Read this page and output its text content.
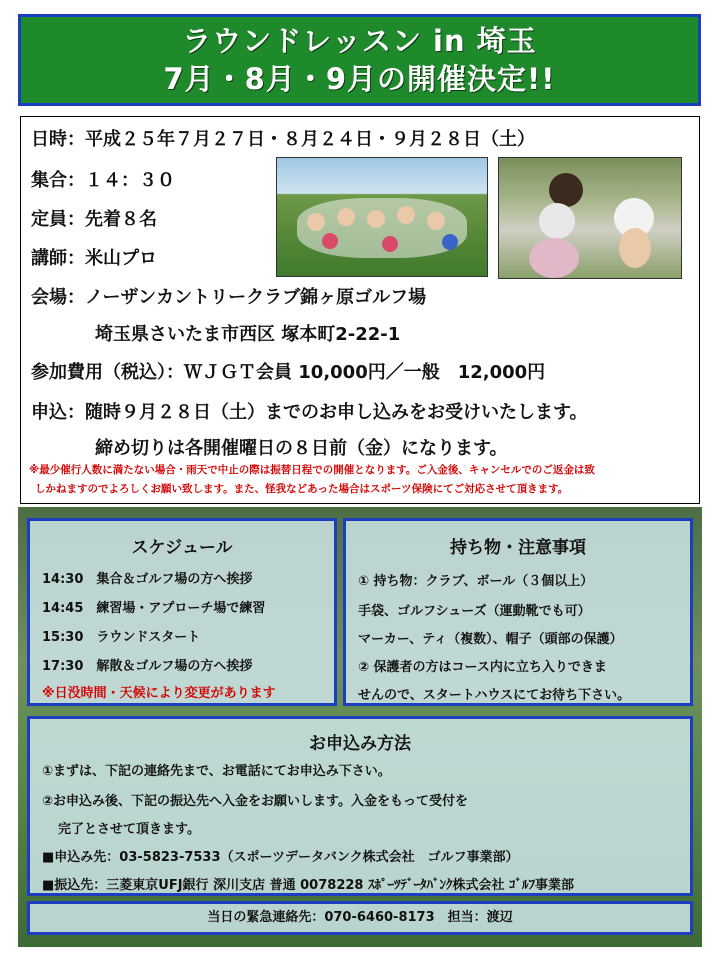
ラウンドレッスン in 埼玉
7月・8月・9月の開催決定!!
日時：平成２５年７月２７日・８月２４日・９月２８日（土）
集合：１４：３０
定員：先着８名
講師：米山プロ
会場：ノーザンカントリークラブ錦ヶ原ゴルフ場
埼玉県さいたま市西区 塚本町2-22-1
参加費用（税込）：ＷＪＧＴ会員 10,000円／一般　12,000円
申込：随時９月２８日（土）までのお申し込みをお受けいたします。
締め切りは各開催曜日の８日前（金）になります。
※最少催行人数に満たない場合・雨天で中止の際は振替日程での開催となります。ご入金後、キャンセルでのご返金は致
しかねますのでよろしくお願い致します。また、怪我などあった場合はスポーツ保険にてご対応させて頂きます。
スケジュール
14:30　 集合＆ゴルフ場の方へ挨拶
14:45　 練習場・アプローチ場で練習
15:30　 ラウンドスタート
17:30　 解散＆ゴルフ場の方へ挨拶
※日没時間・天候により変更があります
持ち物・注意事項
① 持ち物：クラブ、ボール（３個以上）
手袋、ゴルフシューズ（運動靴でも可）
マーカー、ティ（複数）、帽子（頭部の保護）
② 保護者の方はコース内に立ち入りできま
せんので、スタートハウスにてお待ち下さい。
お申込み方法
①まずは、下記の連絡先まで、お電話にてお申込み下さい。
②お申込み後、下記の振込先へ入金をお願いします。入金をもって受付を
完了とさせて頂きます。
■申込み先：03-5823-7533（スポーツデータバンク株式会社　ゴルフ事業部）
■振込先：三菱東京UFJ銀行 深川支店 普通 0078228 ｽﾎﾟｰﾂﾃﾞｰﾀﾊﾞﾝｸ株式会社 ｺﾞﾙﾌ事業部
当日の緊急連絡先：070-6460-8173　担当：渡辺
